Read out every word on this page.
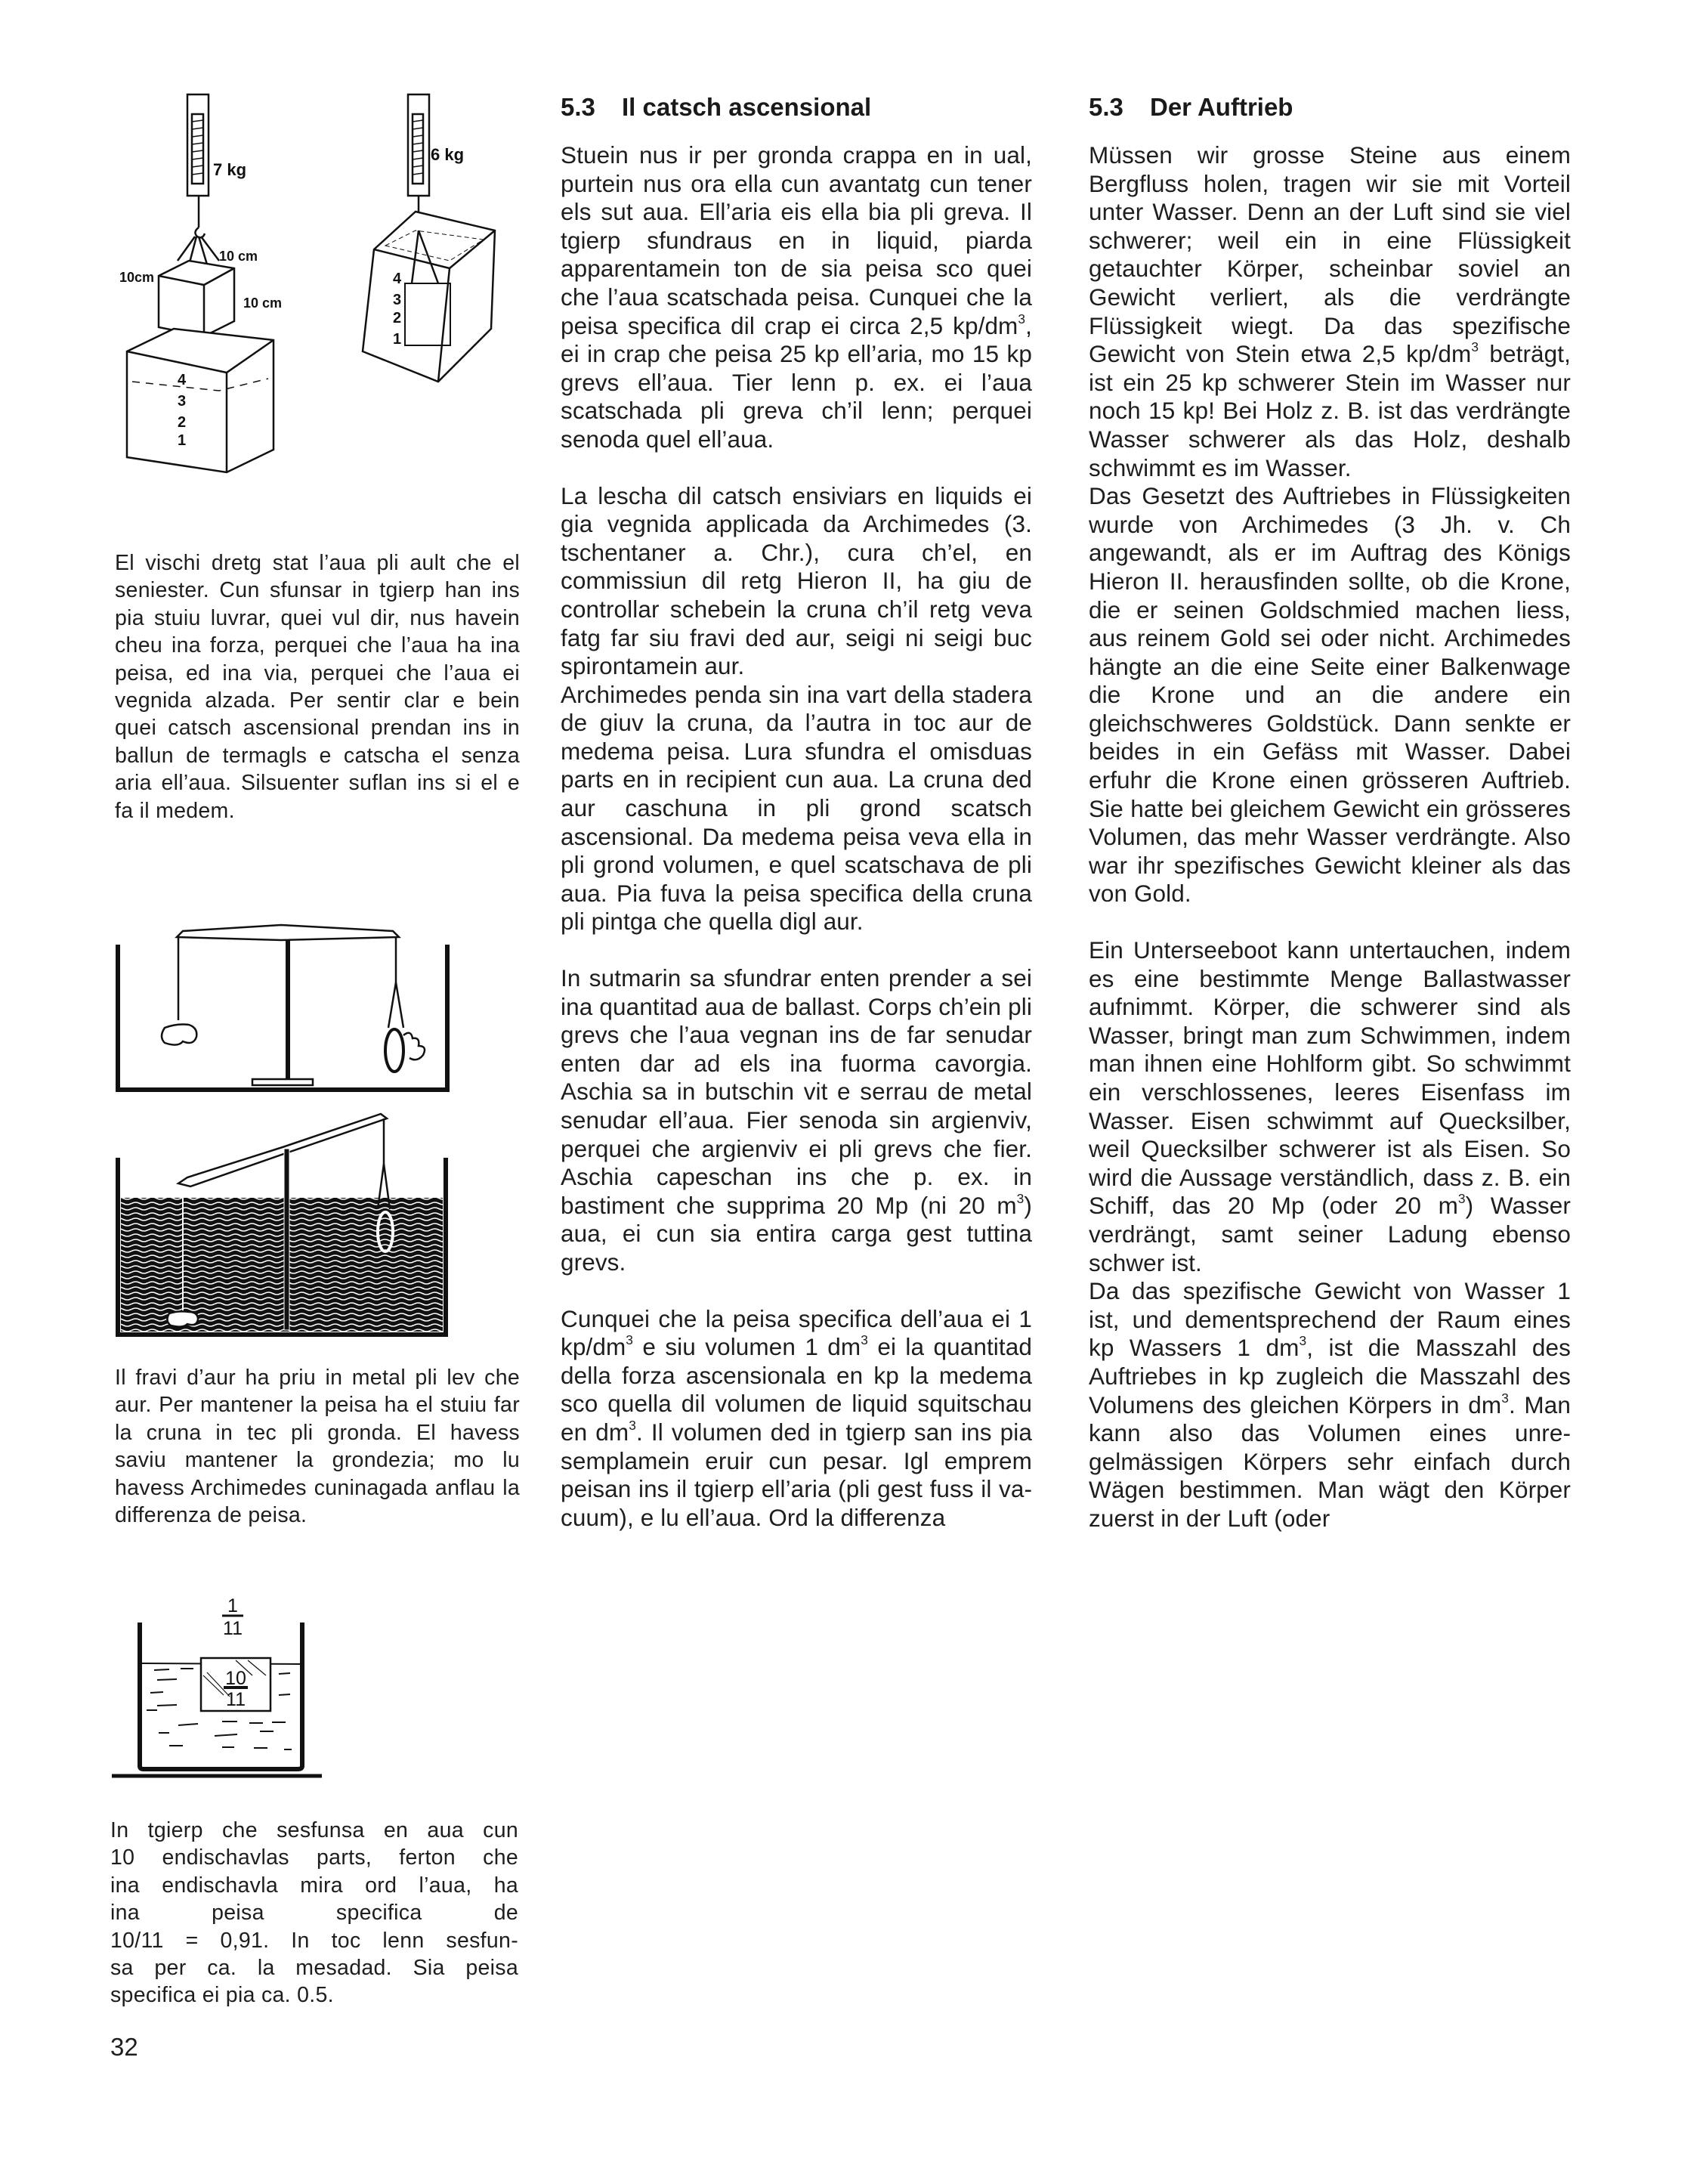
7 kg
6 kg
10 cm
10cm
10 cm
4
3
2
1
4
3
2
1

El vischi dretg stat l’aua pli ault che el seniester. Cun sfunsar in tgierp han ins pia stuiu luvrar, quei vul dir, nus havein cheu ina forza, perquei che l’aua ha ina peisa, ed ina via, perquei che l’aua ei vegnida alzada. Per sentir clar e bein quei catsch ascensional prendan ins in ballun de termagls e catscha el senza aria ell’aua. Silsuenter suflan ins si el e fa il medem.

Il fravi d’aur ha priu in metal pli lev che aur. Per mantener la peisa ha el stuiu far la cruna in tec pli gronda. El havess saviu mantener la grondezia; mo lu havess Archimedes cuninagada anflau la differenza de peisa.

1
11
10
11

In tgierp che sesfunsa en aua cun

10 endischavlas parts, ferton che

ina endischavla mira ord l’aua, ha

ina peisa specifica de

10/11 = 0,91. In toc lenn sesfun-

sa per ca. la mesadad. Sia peisa

specifica ei pia ca. 0.5.

32
5.3 Il catsch ascensional

Stuein nus ir per gronda crappa en in ual, purtein nus ora ella cun avantatg cun tener els sut aua. Ell’aria eis ella bia pli greva. Il tgierp sfundraus en in liquid, piarda apparentamein ton de sia peisa sco quei che l’aua scatschada peisa. Cunquei che la peisa specifica dil crap ei circa 2,5 $kp/dm^3$, ei in crap che peisa 25 kp ell’aria, mo 15 kp grevs ell’aua. Tier lenn p. ex. ei l’aua scatschada pli greva ch’il lenn; perquei senoda quel ell’aua.

La lescha dil catsch ensiviars en liquids ei gia vegnida applicada da Archimedes (3. tschentaner a. Chr.), cura ch’el, en commissiun dil retg Hieron II, ha giu de controllar schebein la cruna ch’il retg veva fatg far siu fravi ded aur, seigi ni seigi buc spirontamein aur.

Archimedes penda sin ina vart della stadera de giuv la cruna, da l’autra in toc aur de medema peisa. Lura sfundra el omisduas parts en in recipient cun aua. La cruna ded aur caschuna in pli grond scatsch ascensional. Da medema peisa veva ella in pli grond volumen, e quel scatschava de pli aua. Pia fuva la peisa specifica della cruna pli pintga che quella digl aur.

In sutmarin sa sfundrar enten prender a sei ina quantitad aua de ballast. Corps ch’ein pli grevs che l’aua vegnan ins de far senudar enten dar ad els ina fuorma cavorgia. Aschia sa in butschin vit e serrau de metal senudar ell’aua. Fier senoda sin argienviv, perquei che argienviv ei pli grevs che fier. Aschia capeschan ins che p. ex. in bastiment che supprima 20 Mp (ni 20 $m^3$) aua, ei cun sia entira carga gest tuttina grevs.

Cunquei che la peisa specifica dell’aua ei 1 $kp/dm^3$ e siu volumen 1 $dm^3$ ei la quantitad della forza ascensionala en kp la medema sco quella dil volumen de liquid squitschau en $dm^3$. Il volumen ded in tgierp san ins pia semplamein eruir cun pesar. Igl emprem peisan ins il tgierp ell’aria (pli gest fuss il vacuum), e lu ell’aua. Ord la differenza

5.3 Der Auftrieb

Müssen wir grosse Steine aus einem Bergfluss holen, tragen wir sie mit Vorteil unter Wasser. Denn an der Luft sind sie viel schwerer; weil ein in eine Flüssigkeit getauchter Körper, scheinbar soviel an Gewicht verliert, als die verdrängte Flüssigkeit wiegt. Da das spezifische Gewicht von Stein etwa 2,5 $kp/dm^3$ beträgt, ist ein 25 kp schwerer Stein im Wasser nur noch 15 kp! Bei Holz z. B. ist das verdrängte Wasser schwerer als das Holz, deshalb schwimmt es im Wasser.

Das Gesetzt des Auftriebes in Flüssigkeiten wurde von Archimedes (3 Jh. v. Ch angewandt, als er im Auftrag des Königs Hieron II. herausfinden sollte, ob die Krone, die er seinen Goldschmied machen liess, aus reinem Gold sei oder nicht. Archimedes hängte an die eine Seite einer Balkenwage die Krone und an die andere ein gleichschweres Goldstück. Dann senkte er beides in ein Gefäss mit Wasser. Dabei erfuhr die Krone einen grösseren Auftrieb. Sie hatte bei gleichem Gewicht ein grösseres Volumen, das mehr Wasser verdrängte. Also war ihr spezifisches Gewicht kleiner als das von Gold.

Ein Unterseeboot kann untertauchen, indem es eine bestimmte Menge Ballastwasser aufnimmt. Körper, die schwerer sind als Wasser, bringt man zum Schwimmen, indem man ihnen eine Hohlform gibt. So schwimmt ein verschlossenes, leeres Eisenfass im Wasser. Eisen schwimmt auf Quecksilber, weil Quecksilber schwerer ist als Eisen. So wird die Aussage verständlich, dass z. B. ein Schiff, das 20 Mp (oder 20 $m^3$) Wasser verdrängt, samt seiner Ladung ebenso schwer ist.

Da das spezifische Gewicht von Wasser 1 ist, und dementsprechend der Raum eines kp Wassers 1 $dm^3$, ist die Masszahl des Auftriebes in kp zugleich die Masszahl des Volumens des gleichen Körpers in $dm^3$. Man kann also das Volumen eines unregelmässigen Körpers sehr einfach durch Wägen bestimmen. Man wägt den Körper zuerst in der Luft (oder
